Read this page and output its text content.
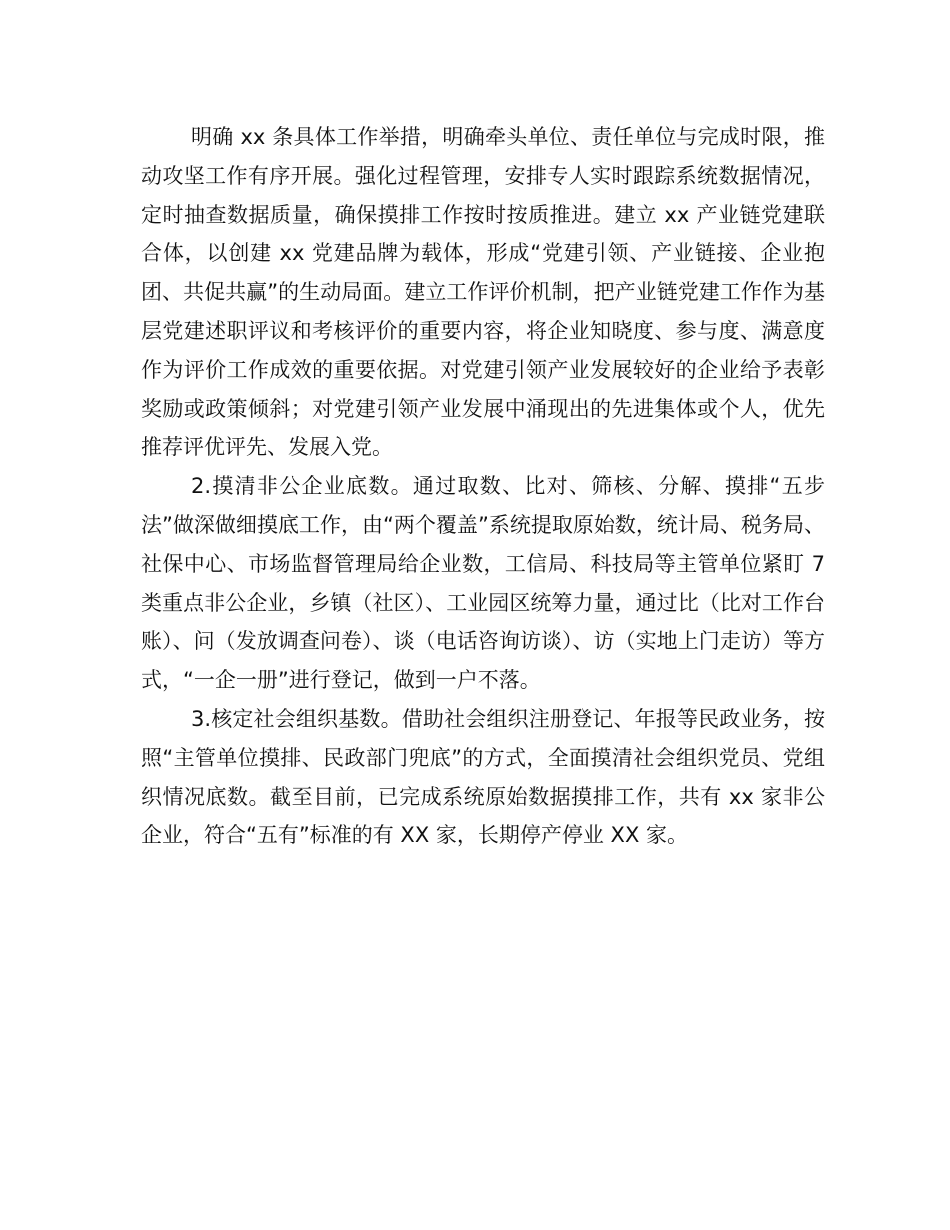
明确 xx 条具体工作举措，明确牵头单位、责任单位与完成时限，推动攻坚工作有序开展。强化过程管理，安排专人实时跟踪系统数据情况，定时抽查数据质量，确保摸排工作按时按质推进。建立 xx 产业链党建联合体，以创建 xx 党建品牌为载体，形成“党建引领、产业链接、企业抱团、共促共赢”的生动局面。建立工作评价机制，把产业链党建工作作为基层党建述职评议和考核评价的重要内容，将企业知晓度、参与度、满意度作为评价工作成效的重要依据。对党建引领产业发展较好的企业给予表彰奖励或政策倾斜；对党建引领产业发展中涌现出的先进集体或个人，优先推荐评优评先、发展入党。

2.摸清非公企业底数。通过取数、比对、筛核、分解、摸排“五步法”做深做细摸底工作，由“两个覆盖”系统提取原始数，统计局、税务局、社保中心、市场监督管理局给企业数，工信局、科技局等主管单位紧盯 7 类重点非公企业，乡镇（社区）、工业园区统筹力量，通过比（比对工作台账）、问（发放调查问卷）、谈（电话咨询访谈）、访（实地上门走访）等方式，“一企一册”进行登记，做到一户不落。

3.核定社会组织基数。借助社会组织注册登记、年报等民政业务，按照“主管单位摸排、民政部门兜底”的方式，全面摸清社会组织党员、党组织情况底数。截至目前，已完成系统原始数据摸排工作，共有 xx 家非公企业，符合“五有”标准的有 XX 家，长期停产停业 XX 家。
